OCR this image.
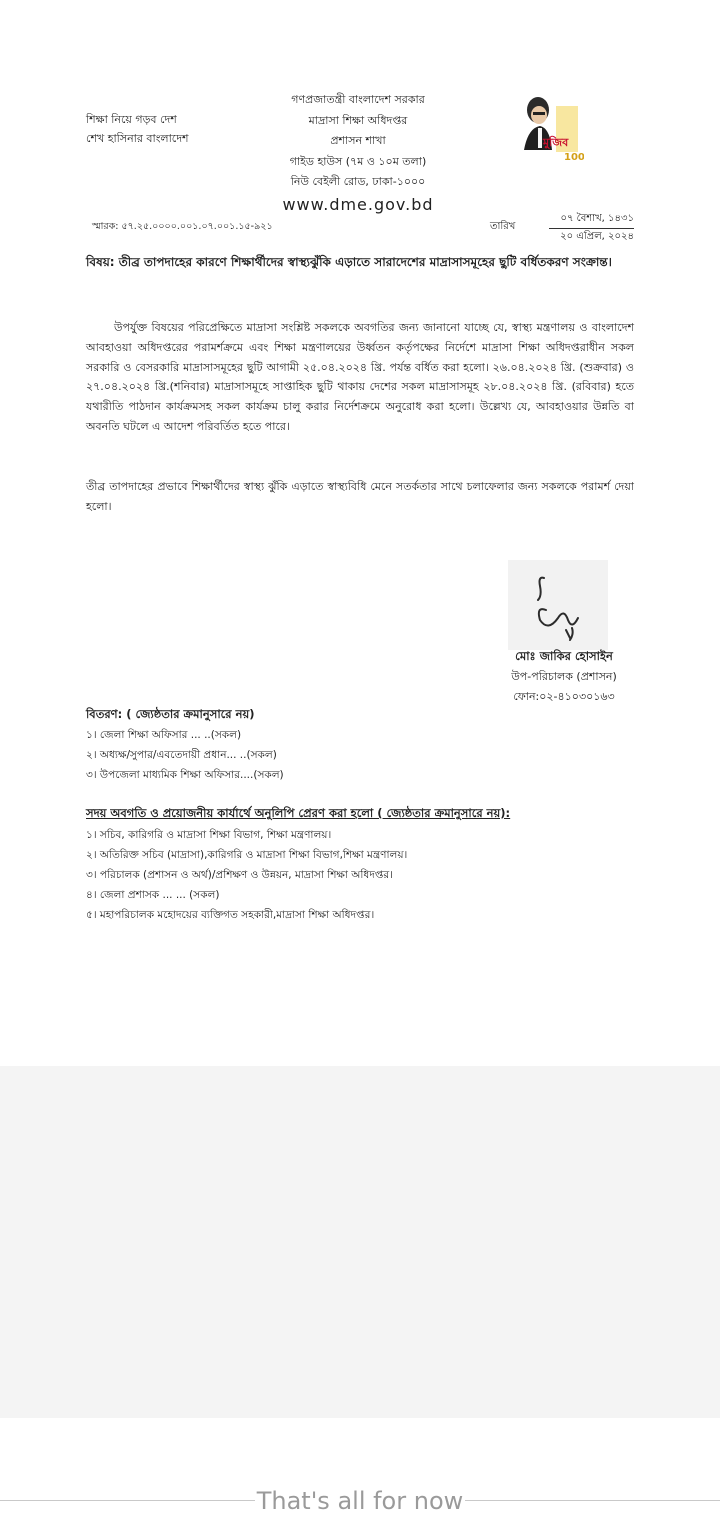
শিক্ষা নিয়ে গড়ব দেশ
শেখ হাসিনার বাংলাদেশ
গণপ্রজাতন্ত্রী বাংলাদেশ সরকার
মাদ্রাসা শিক্ষা অধিদপ্তর
প্রশাসন শাখা
গাইড হাউস (৭ম ও ১০ম তলা)
নিউ বেইলী রোড, ঢাকা-১০০০
www.dme.gov.bd
মুজিব
100
স্মারক: ৫৭.২৫.০০০০.০০১.০৭.০০১.১৫-৯২১	তারিখ
০৭ বৈশাখ, ১৪৩১
২০ এপ্রিল, ২০২৪
বিষয়: তীব্র তাপদাহের কারণে শিক্ষার্থীদের স্বাস্থ্যঝুঁকি এড়াতে সারাদেশের মাদ্রাসাসমূহের ছুটি বর্ধিতকরণ সংক্রান্ত।
উপর্যুক্ত বিষয়ের পরিপ্রেক্ষিতে মাদ্রাসা সংশ্লিষ্ট সকলকে অবগতির জন্য জানানো যাচ্ছে যে, স্বাস্থ্য মন্ত্রণালয় ও বাংলাদেশ আবহাওয়া অধিদপ্তরের পরামর্শক্রমে এবং শিক্ষা মন্ত্রণালয়ের উর্ধ্বতন কর্তৃপক্ষের নির্দেশে মাদ্রাসা শিক্ষা অধিদপ্তরাধীন সকল সরকারি ও বেসরকারি মাদ্রাসাসমূহের ছুটি আগামী ২৫.০৪.২০২৪ খ্রি. পর্যন্ত বর্ধিত করা হলো। ২৬.০৪.২০২৪ খ্রি. (শুক্রবার) ও ২৭.০৪.২০২৪ খ্রি.(শনিবার) মাদ্রাসাসমূহে সাপ্তাহিক ছুটি থাকায় দেশের সকল মাদ্রাসাসমূহ ২৮.০৪.২০২৪ খ্রি. (রবিবার) হতে যথারীতি পাঠদান কার্যক্রমসহ সকল কার্যক্রম চালু করার নির্দেশক্রমে অনুরোধ করা হলো। উল্লেখ্য যে, আবহাওয়ার উন্নতি বা অবনতি ঘটলে এ আদেশ পরিবর্তিত হতে পারে।
তীব্র তাপদাহের প্রভাবে শিক্ষার্থীদের স্বাস্থ্য ঝুঁকি এড়াতে স্বাস্থ্যবিধি মেনে সতর্কতার সাথে চলাফেলার জন্য সকলকে পরামর্শ দেয়া হলো।
মোঃ জাকির হোসাইন
উপ-পরিচালক (প্রশাসন)
ফোন:০২-৪১০৩০১৬৩
বিতরণ: ( জ্যেষ্ঠতার ক্রমানুসারে নয়)
১। জেলা শিক্ষা অফিসার ... ..(সকল)
২। অধ্যক্ষ/সুপার/এবতেদায়ী প্রধান... ..(সকল)
৩। উপজেলা মাধ্যমিক শিক্ষা অফিসার....(সকল)
সদয় অবগতি ও প্রয়োজনীয় কার্যার্থে অনুলিপি প্রেরণ করা হলো ( জ্যেষ্ঠতার ক্রমানুসারে নয়):
১। সচিব, কারিগরি ও মাদ্রাসা শিক্ষা বিভাগ, শিক্ষা মন্ত্রণালয়।
২। অতিরিক্ত সচিব (মাদ্রাসা),কারিগরি ও মাদ্রাসা শিক্ষা বিভাগ,শিক্ষা মন্ত্রণালয়।
৩। পরিচালক (প্রশাসন ও অর্থ)/প্রশিক্ষণ ও উন্নয়ন, মাদ্রাসা শিক্ষা অধিদপ্তর।
৪। জেলা প্রশাসক ... ... (সকল)
৫। মহাপরিচালক মহোদয়ের ব্যক্তিগত সহকারী,মাদ্রাসা শিক্ষা অধিদপ্তর।
That's all for now
